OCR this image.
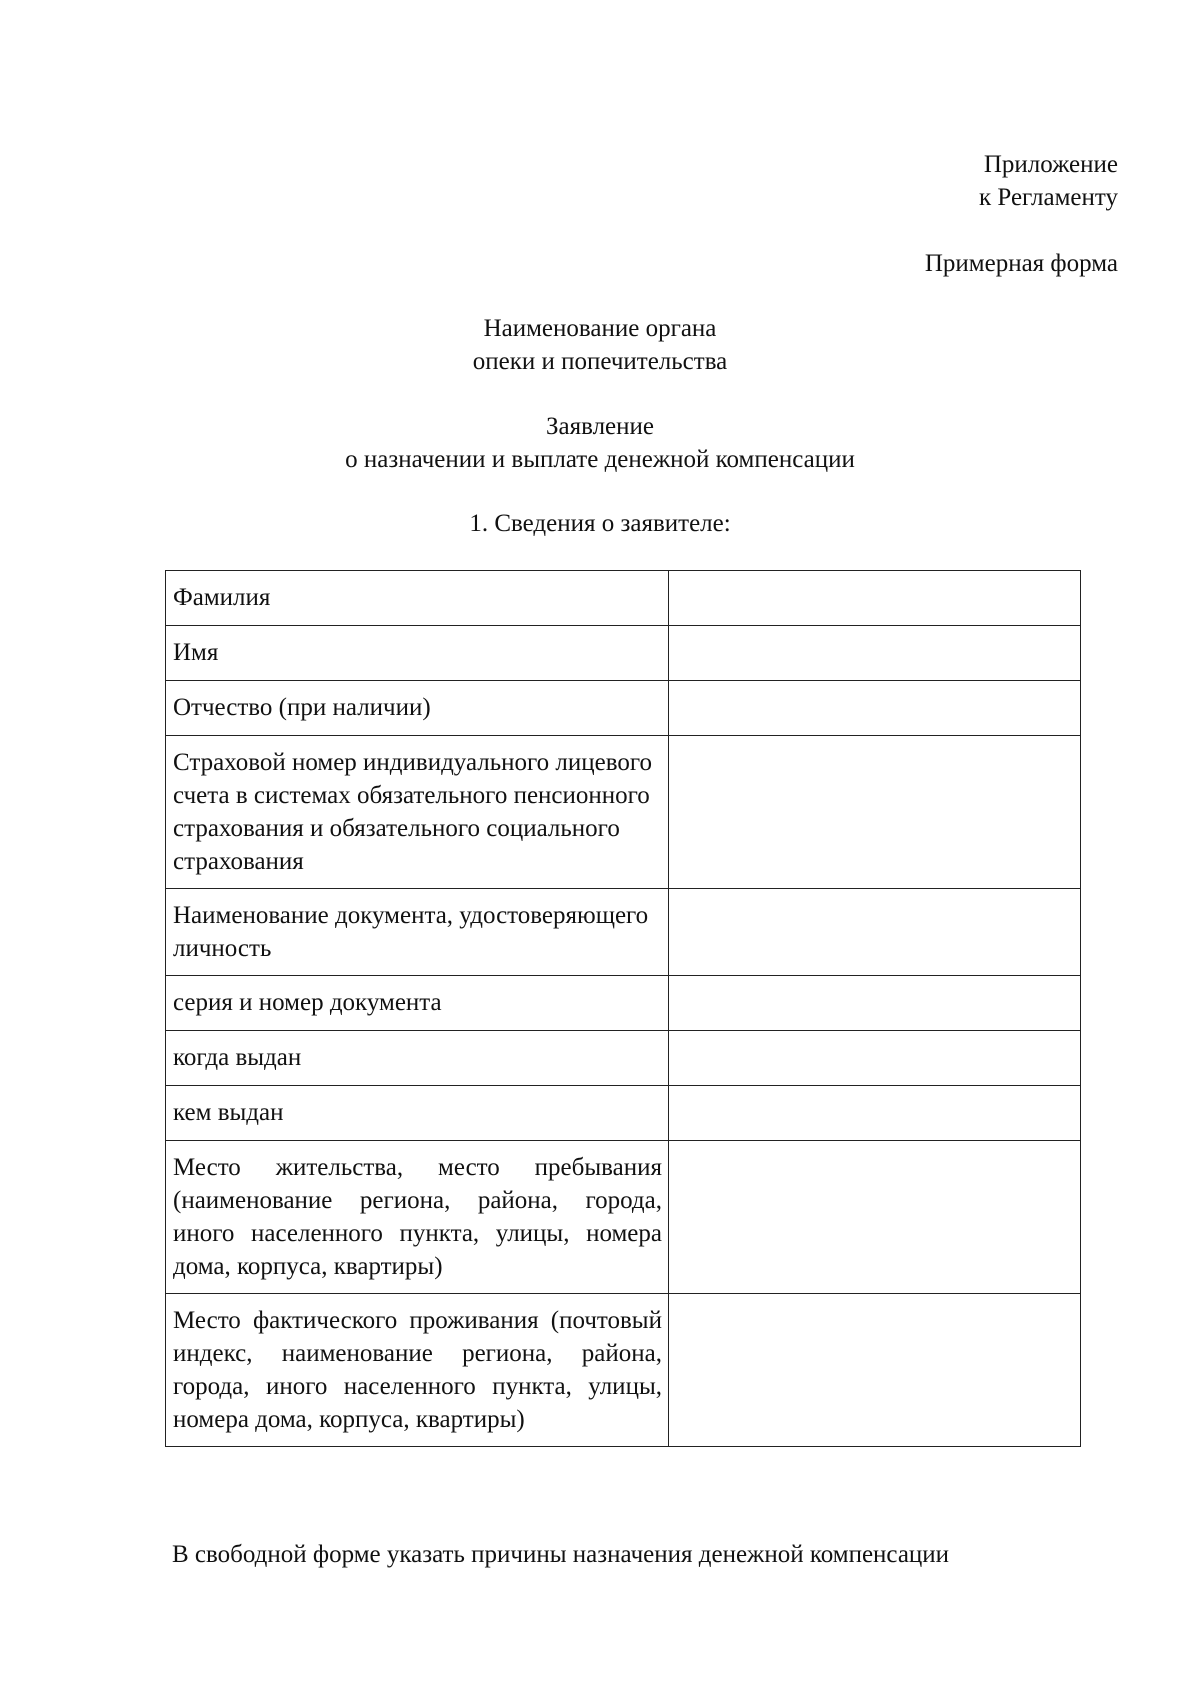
Приложение
к Регламенту
Примерная форма
Наименование органа
опеки и попечительства
Заявление
о назначении и выплате денежной компенсации
1. Сведения о заявителе:
Фамилия	
Имя	
Отчество (при наличии)	
Страховой номер индивидуального лицевого счета в системах обязательного пенсионного страхования и обязательного социального страхования	
Наименование документа, удостоверяющего личность	
серия и номер документа	
когда выдан	
кем выдан	
Место жительства, место пребывания (наименование региона, района, города, иного населенного пункта, улицы, номера дома, корпуса, квартиры)	
Место фактического проживания (почтовый индекс, наименование региона, района, города, иного населенного пункта, улицы, номера дома, корпуса, квартиры)	
В свободной форме указать причины назначения денежной компенсации
